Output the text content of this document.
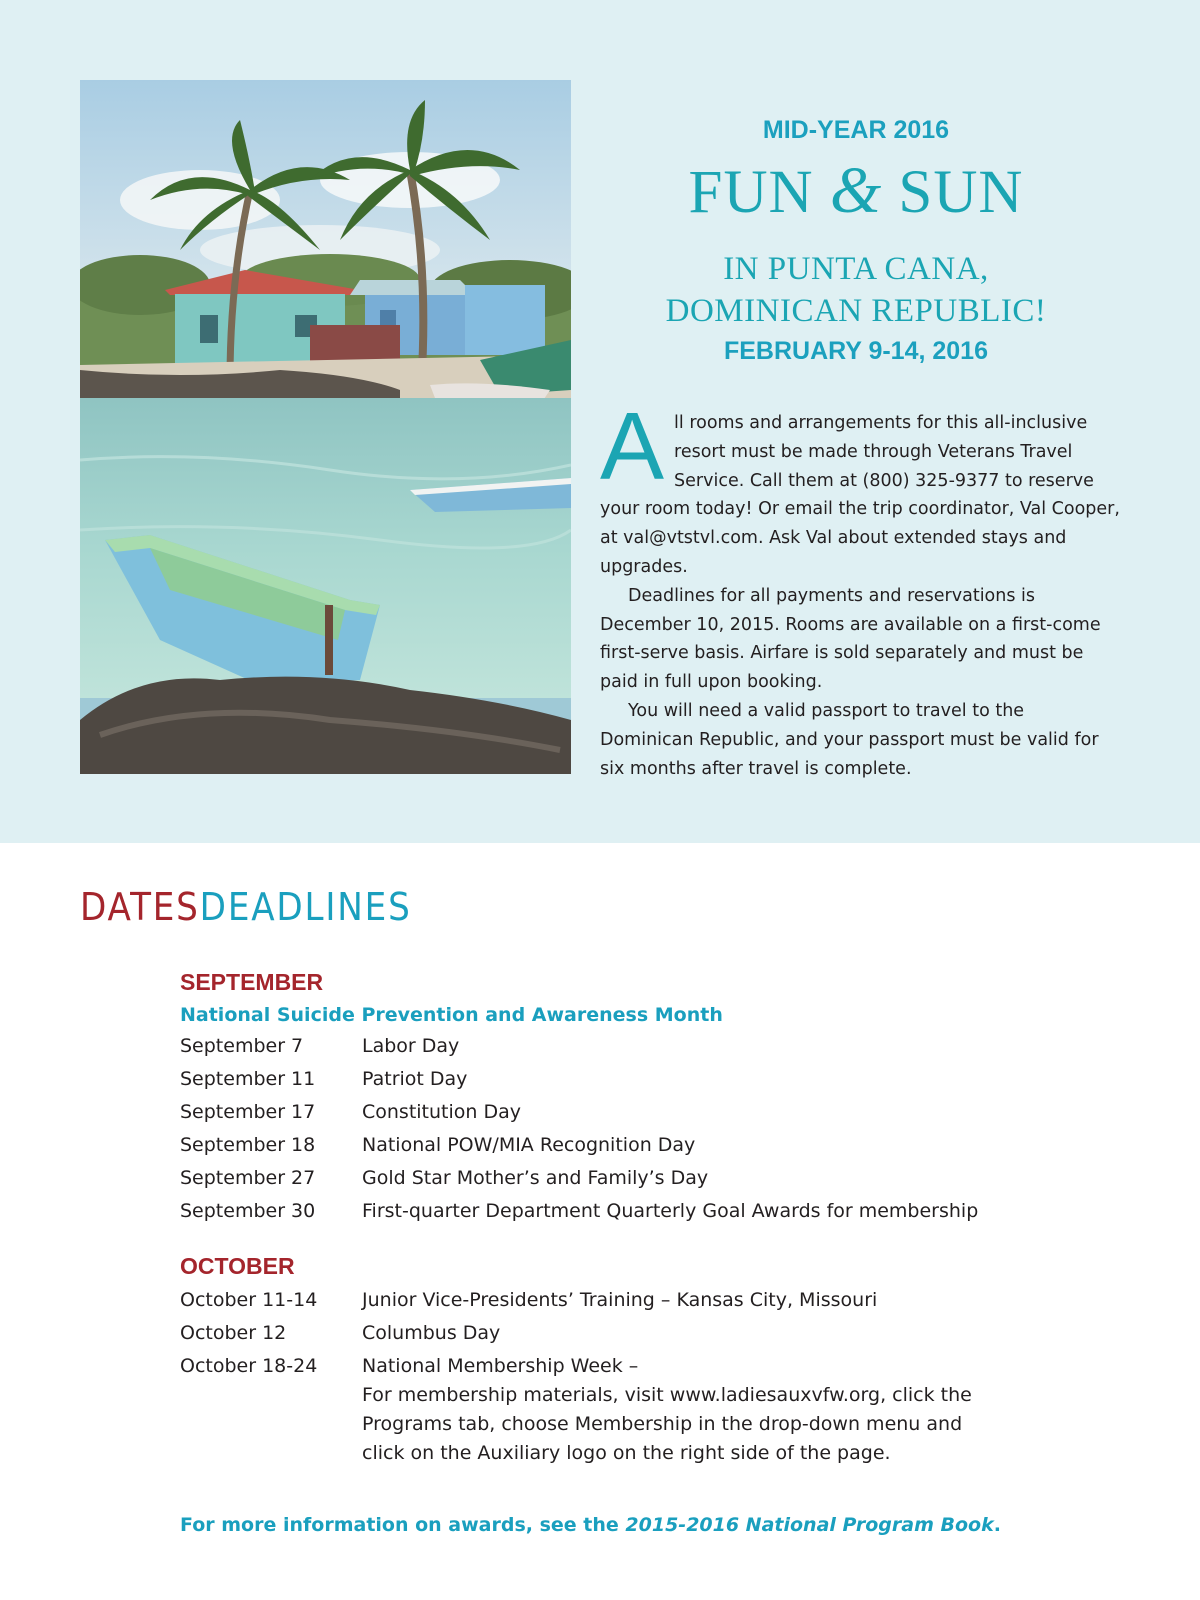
MID-YEAR 2016
FUN & SUN
IN PUNTA CANA,
DOMINICAN REPUBLIC!
FEBRUARY 9-14, 2016
A ll rooms and arrangements for this all-inclusive resort must be made through Veterans Travel Service. Call them at (800) 325-9377 to reserve your room today! Or email the trip coordinator, Val Cooper, at val@vtstvl.com. Ask Val about extended stays and upgrades.

Deadlines for all payments and reservations is December 10, 2015. Rooms are available on a first-come first-serve basis. Airfare is sold separately and must be paid in full upon booking.

You will need a valid passport to travel to the Dominican Republic, and your passport must be valid for six months after travel is complete.

DATESDEADLINES
SEPTEMBER
National Suicide Prevention and Awareness Month
September 7	Labor Day
September 11	Patriot Day
September 17	Constitution Day
September 18	National POW/MIA Recognition Day
September 27	Gold Star Mother’s and Family’s Day
September 30	First-quarter Department Quarterly Goal Awards for membership
OCTOBER
October 11-14	Junior Vice-Presidents’ Training – Kansas City, Missouri
October 12	Columbus Day
October 18-24	National Membership Week –
For membership materials, visit www.ladiesauxvfw.org, click the
Programs tab, choose Membership in the drop-down menu and
click on the Auxiliary logo on the right side of the page.
For more information on awards, see the 2015-2016 National Program Book.
